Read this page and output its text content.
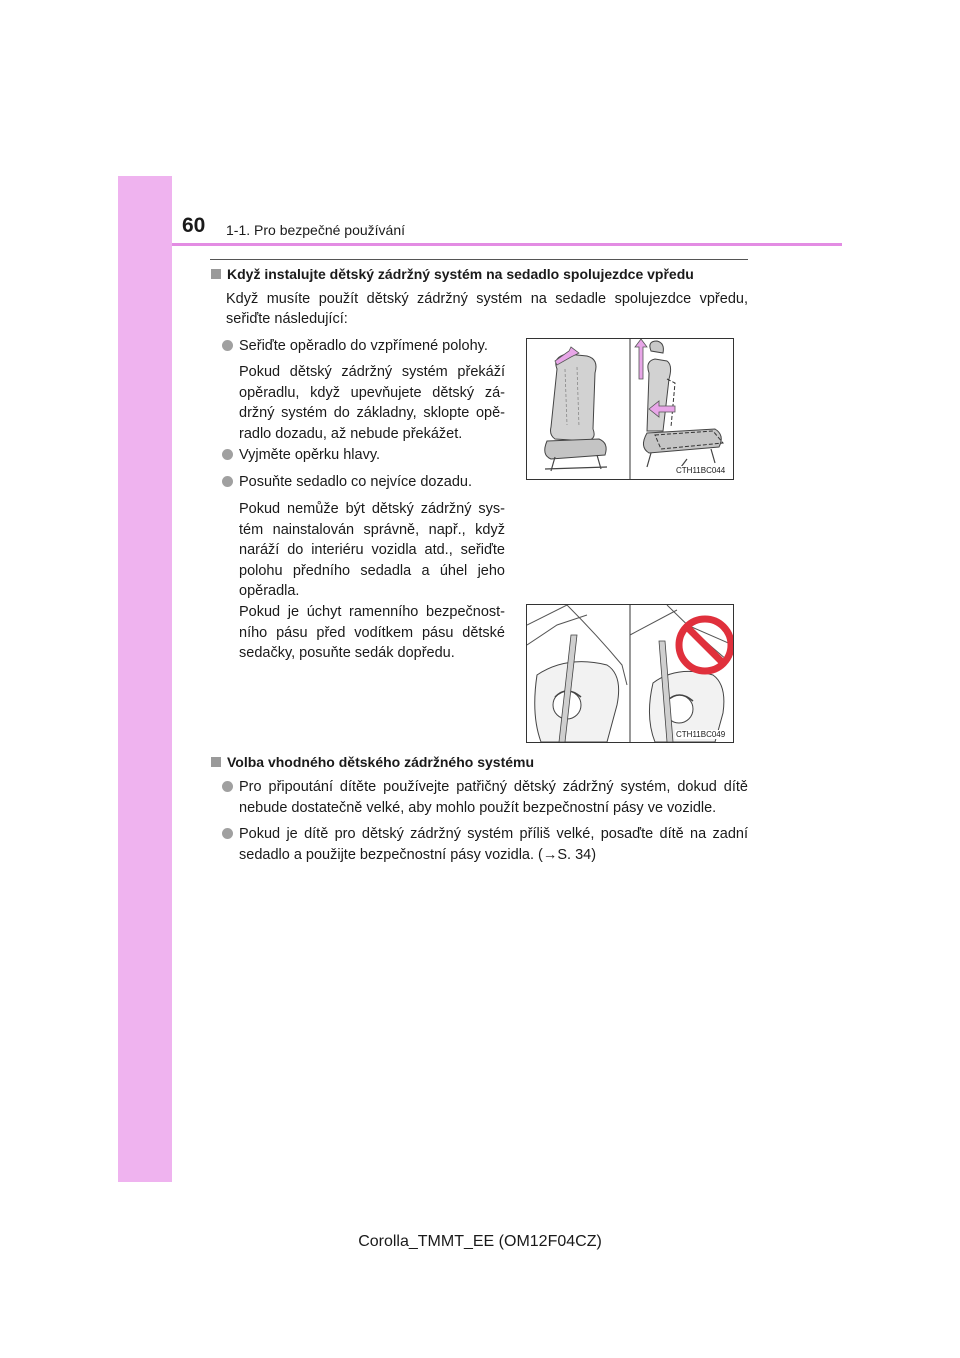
60 1-1. Pro bezpečné používání
Když instalujte dětský zádržný systém na sedadlo spolujezdce vpředu
Když musíte použít dětský zádržný systém na sedadle spolujezdce vpředu,
seřiďte následující:
Seřiďte opěradlo do vzpřímené polohy.
Pokud dětský zádržný systém překáží
opěradlu, když upevňujete dětský zá-
držný systém do základny, sklopte opě-
radlo dozadu, až nebude překážet.
Vyjměte opěrku hlavy.
Posuňte sedadlo co nejvíce dozadu.
Pokud nemůže být dětský zádržný sys-
tém nainstalován správně, např., když
naráží do interiéru vozidla atd., seřiďte
polohu předního sedadla a úhel jeho
opěradla.
Pokud je úchyt ramenního bezpečnost-
ního pásu před vodítkem pásu dětské
sedačky, posuňte sedák dopředu.
CTH11BC044
CTH11BC049
Volba vhodného dětského zádržného systému
Pro připoutání dítěte používejte patřičný dětský zádržný systém, dokud dítě
nebude dostatečně velké, aby mohlo použít bezpečnostní pásy ve vozidle.
Pokud je dítě pro dětský zádržný systém příliš velké, posaďte dítě na zadní
sedadlo a použijte bezpečnostní pásy vozidla. (→S. 34)
Corolla_TMMT_EE (OM12F04CZ)
